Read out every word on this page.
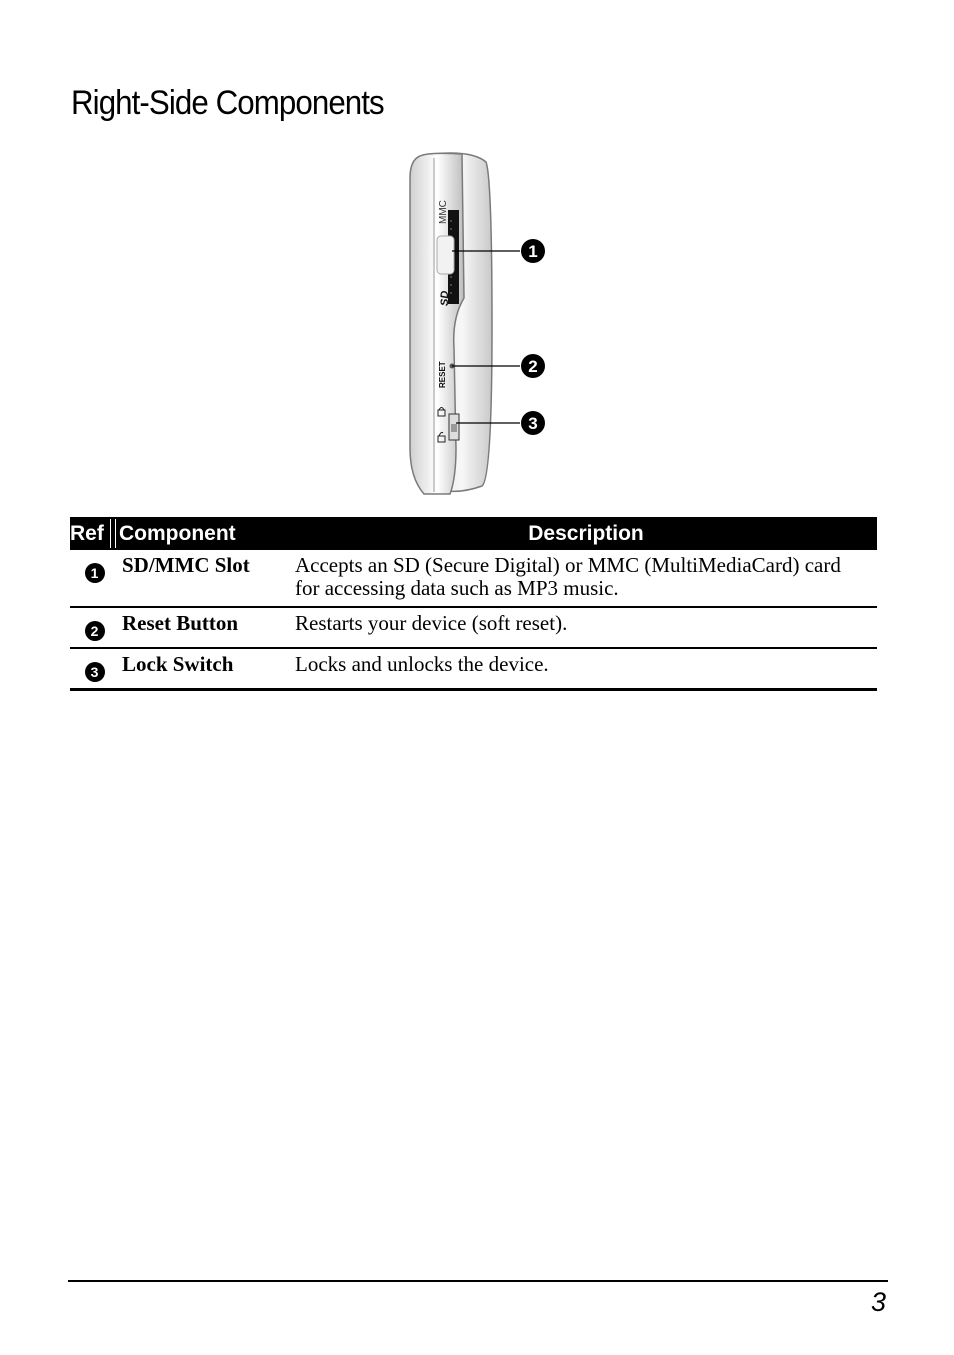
Right-Side Components
MMC
SD
RESET
1
2
3
Ref	Component	Description
1	SD/MMC Slot	Accepts an SD (Secure Digital) or MMC (MultiMediaCard) card for accessing data such as MP3 music.
2	Reset Button	Restarts your device (soft reset).
3	Lock Switch	Locks and unlocks the device.
3
